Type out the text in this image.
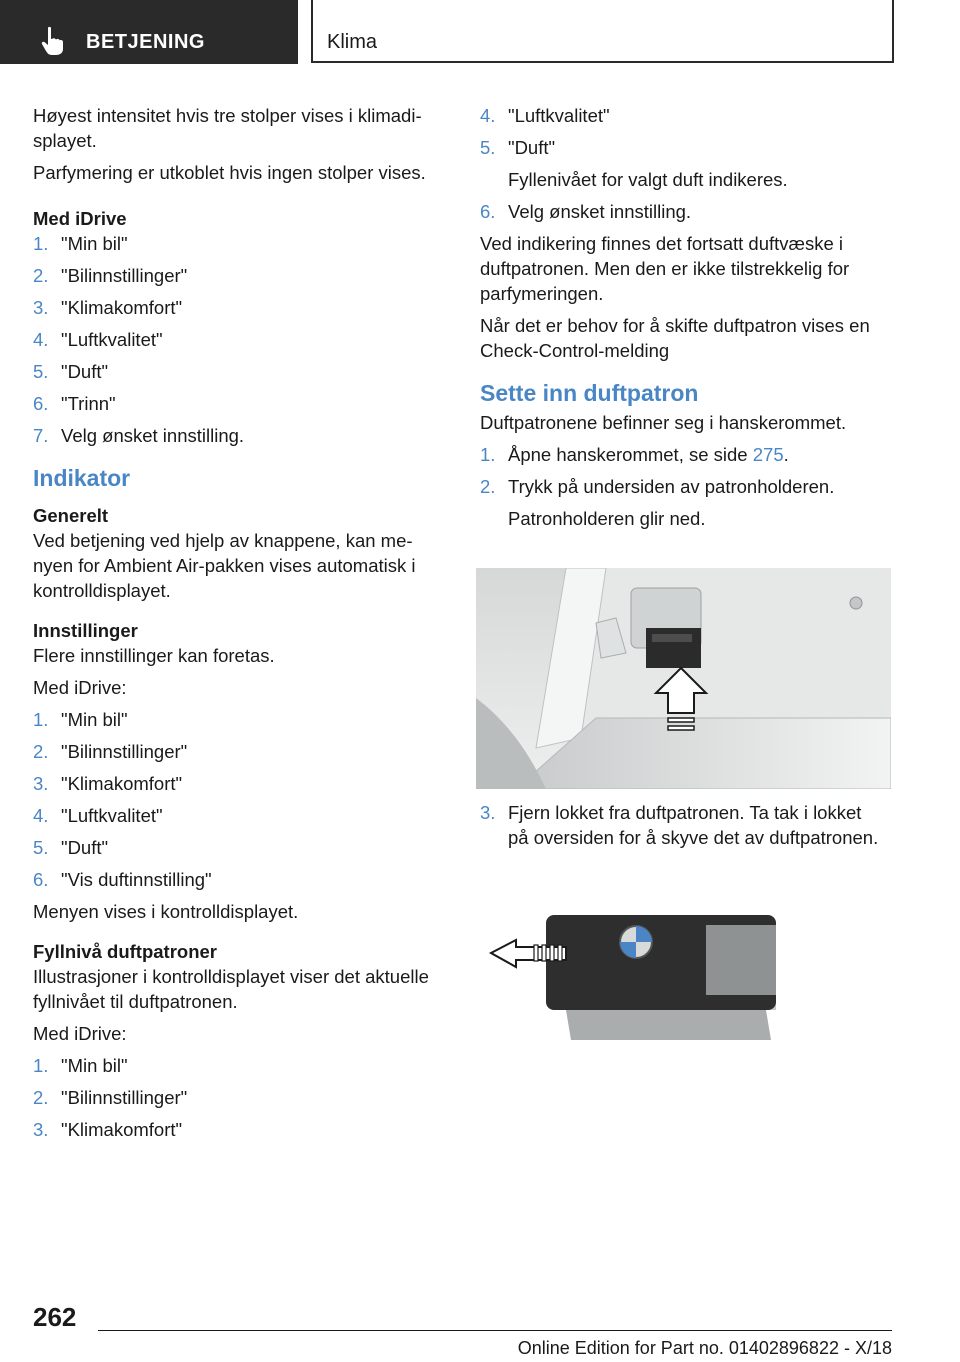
BETJENING	Klima

Høyest intensitet hvis tre stolper vises i klimadi-
splayet.

Parfymering er utkoblet hvis ingen stolper vises.

Med iDrive
1. "Min bil"
2. "Bilinnstillinger"
3. "Klimakomfort"
4. "Luftkvalitet"
5. "Duft"
6. "Trinn"
7. Velg ønsket innstilling.
Indikator
Generelt

Ved betjening ved hjelp av knappene, kan me-
nyen for Ambient Air-pakken vises automatisk i
kontrolldisplayet.

Innstillinger

Flere innstillinger kan foretas.

Med iDrive:

1. "Min bil"
2. "Bilinnstillinger"
3. "Klimakomfort"
4. "Luftkvalitet"
5. "Duft"
6. "Vis duftinnstilling"

Menyen vises i kontrolldisplayet.

Fyllnivå duftpatroner

Illustrasjoner i kontrolldisplayet viser det aktuelle
fyllnivået til duftpatronen.

Med iDrive:

1. "Min bil"
2. "Bilinnstillinger"
3. "Klimakomfort"
4. "Luftkvalitet"
5. "Duft"
Fyllenivået for valgt duft indikeres.
6. Velg ønsket innstilling.

Ved indikering finnes det fortsatt duftvæske i
duftpatronen. Men den er ikke tilstrekkelig for
parfymeringen.

Når det er behov for å skifte duftpatron vises en
Check-Control-melding

Sette inn duftpatron

Duftpatronene befinner seg i hanskerommet.

1. Åpne hanskerommet, se side 275.
2. Trykk på undersiden av patronholderen.
Patronholderen glir ned.
3. Fjern lokket fra duftpatronen. Ta tak i lokket
på oversiden for å skyve det av duftpatronen.
262
Online Edition for Part no. 01402896822 - X/18
